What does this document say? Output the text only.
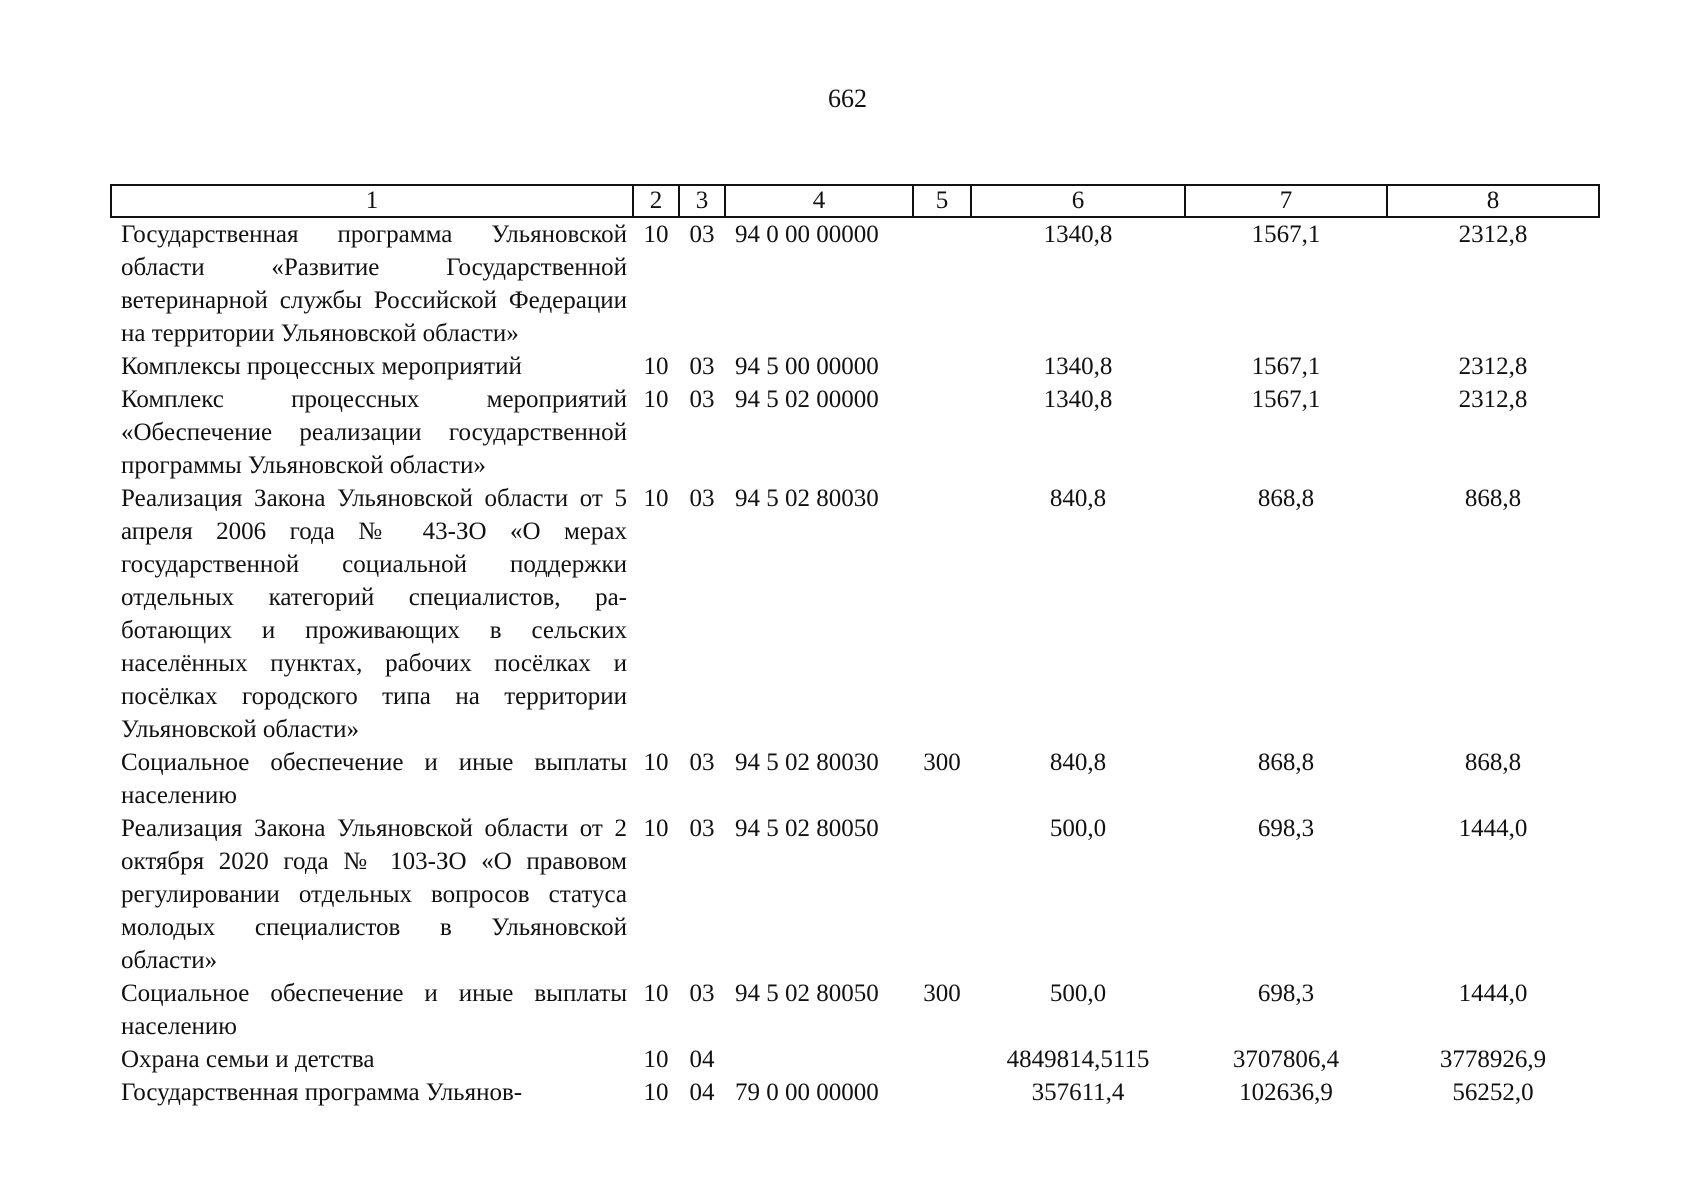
662
1	2	3	4	5	6	7	8
Государственная программа Ульяновской области «Развитие Государственной ветеринарной службы Российской Федерации на территории Ульяновской области»	10	03	94 0 00 00000		1340,8	1567,1	2312,8
Комплексы процессных мероприятий	10	03	94 5 00 00000		1340,8	1567,1	2312,8
Комплекс процессных мероприятий «Обеспечение реализации государственной программы Ульяновской области»	10	03	94 5 02 00000		1340,8	1567,1	2312,8
Реализация Закона Ульяновской области от 5 апреля 2006 года № 43-ЗО «О мерах государственной социальной поддержки отдельных категорий специалистов, работающих и проживающих в сельских населённых пунктах, рабочих посёлках и посёлках городского типа на территории Ульяновской области»	10	03	94 5 02 80030		840,8	868,8	868,8
Социальное обеспечение и иные выплаты населению	10	03	94 5 02 80030	300	840,8	868,8	868,8
Реализация Закона Ульяновской области от 2 октября 2020 года № 103-ЗО «О правовом регулировании отдельных вопросов статуса молодых специалистов в Ульяновской области»	10	03	94 5 02 80050		500,0	698,3	1444,0
Социальное обеспечение и иные выплаты населению	10	03	94 5 02 80050	300	500,0	698,3	1444,0
Охрана семьи и детства	10	04			4849814,5115	3707806,4	3778926,9
Государственная программа Ульянов-	10	04	79 0 00 00000		357611,4	102636,9	56252,0
